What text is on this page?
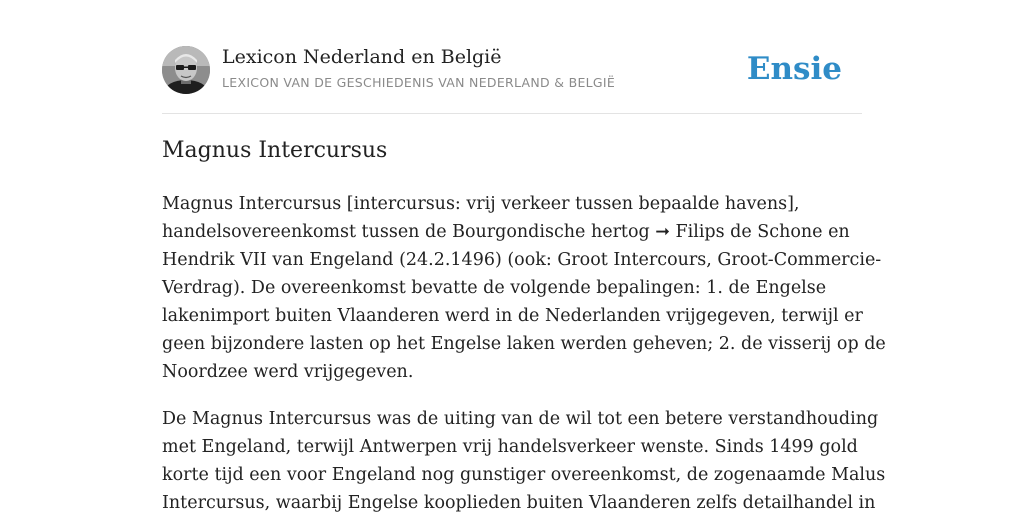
Lexicon Nederland en België
LEXICON VAN DE GESCHIEDENIS VAN NEDERLAND & BELGIË	Ensie
Magnus Intercursus

Magnus Intercursus [intercursus: vrij verkeer tussen bepaalde havens],
handelsovereenkomst tussen de Bourgondische hertog ➞ Filips de Schone en
Hendrik VII van Engeland (24.2.1496) (ook: Groot Intercours, Groot-Commercie-
Verdrag). De overeenkomst bevatte de volgende bepalingen: 1. de Engelse
lakenimport buiten Vlaanderen werd in de Nederlanden vrijgegeven, terwijl er
geen bijzondere lasten op het Engelse laken werden geheven; 2. de visserij op de
Noordzee werd vrijgegeven.

De Magnus Intercursus was de uiting van de wil tot een betere verstandhouding
met Engeland, terwijl Antwerpen vrij handelsverkeer wenste. Sinds 1499 gold
korte tijd een voor Engeland nog gunstiger overeenkomst, de zogenaamde Malus
Intercursus, waarbij Engelse kooplieden buiten Vlaanderen zelfs detailhandel in
